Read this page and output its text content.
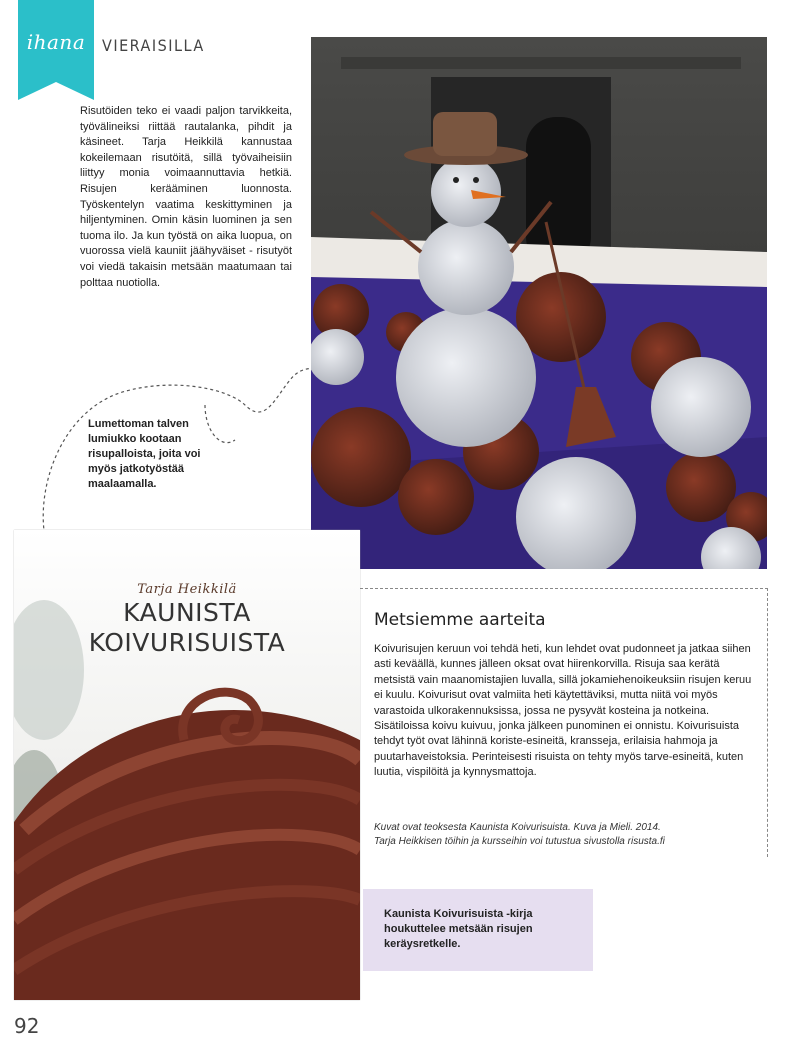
ihana	VIERAISILLA
Risutöiden teko ei vaadi paljon tarvikkeita, työvälineiksi riittää rautalanka, pihdit ja käsineet. Tarja Heikkilä kannustaa kokeilemaan risutöitä, sillä työvaiheisiin liittyy monia voimaannuttavia hetkiä. Risujen kerääminen luonnosta. Työskentelyn vaatima keskittyminen ja hiljentyminen. Omin käsin luominen ja sen tuoma ilo. Ja kun työstä on aika luopua, on vuorossa vielä kauniit jäähyväiset - risutyöt voi viedä takaisin metsään maatumaan tai polttaa nuotiolla.
Lumettoman talven lumiukko kootaan risupalloista, joita voi myös jatkotyöstää maalaamalla.
Tarja Heikkilä
KAUNISTA
KOIVURISUISTA
Metsiemme aarteita
Koivurisujen keruun voi tehdä heti, kun lehdet ovat pudonneet ja jatkaa siihen asti keväällä, kunnes jälleen oksat ovat hiirenkorvilla. Risuja saa kerätä metsistä vain maanomistajien luvalla, sillä jokamiehenoikeuksiin risujen keruu ei kuulu. Koivurisut ovat valmiita heti käytettäviksi, mutta niitä voi myös varastoida ulkorakennuksissa, jossa ne pysyvät kosteina ja notkeina. Sisätiloissa koivu kuivuu, jonka jälkeen punominen ei onnistu. Koivurisuista tehdyt työt ovat lähinnä koriste-esineitä, kransseja, erilaisia hahmoja ja puutarhaveistoksia. Perinteisesti risuista on tehty myös tarve-esineitä, kuten luutia, vispilöitä ja kynnysmattoja.
Kuvat ovat teoksesta Kaunista Koivurisuista. Kuva ja Mieli. 2014.
Tarja Heikkisen töihin ja kursseihin voi tutustua sivustolla risusta.fi
Kaunista Koivurisuista -kirja houkuttelee metsään risujen keräysretkelle.
92
